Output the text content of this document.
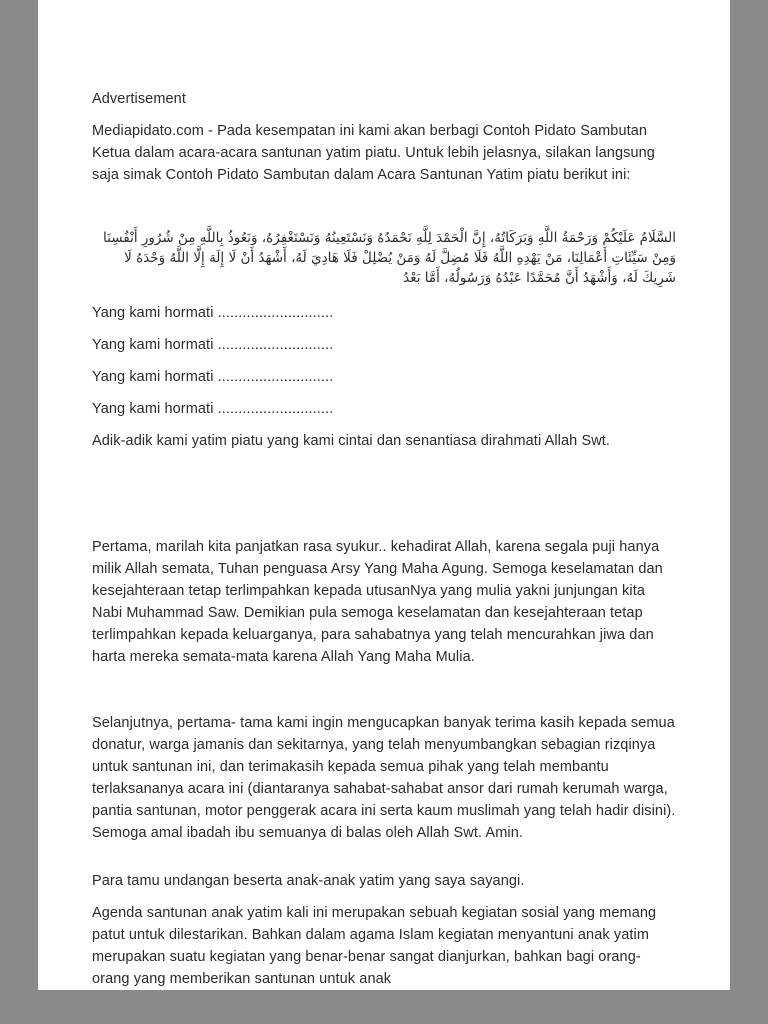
Advertisement

Mediapidato.com - Pada kesempatan ini kami akan berbagi Contoh Pidato Sambutan Ketua dalam acara-acara santunan yatim piatu. Untuk lebih jelasnya, silakan langsung saja simak Contoh Pidato Sambutan dalam Acara Santunan Yatim piatu berikut ini:

السَّلَامُ عَلَيْكُمْ وَرَحْمَةُ اللَّهِ وَبَرَكَاتُهُ، إِنَّ الْحَمْدَ لِلَّهِ نَحْمَدُهُ وَنَسْتَعِينُهُ وَنَسْتَغْفِرُهُ، وَنَعُوذُ بِاللَّهِ مِنْ شُرُورِ أَنْفُسِنَا وَمِنْ سَيِّئَاتِ أَعْمَالِنَا، مَنْ يَهْدِهِ اللَّهُ فَلَا مُضِلَّ لَهُ وَمَنْ يُضْلِلْ فَلَا هَادِيَ لَهُ، أَشْهَدُ أَنْ لَا إِلَهَ إِلَّا اللَّهُ وَحْدَهُ لَا شَرِيكَ لَهُ، وَأَشْهَدُ أَنَّ مُحَمَّدًا عَبْدُهُ وَرَسُولُهُ، أَمَّا بَعْدُ

Yang kami hormati ............................

Yang kami hormati ............................

Yang kami hormati ............................

Yang kami hormati ............................

Adik-adik kami yatim piatu yang kami cintai dan senantiasa dirahmati Allah Swt.

Pertama, marilah kita panjatkan rasa syukur.. kehadirat Allah, karena segala puji hanya milik Allah semata, Tuhan penguasa Arsy Yang Maha Agung. Semoga keselamatan dan kesejahteraan tetap terlimpahkan kepada utusanNya yang mulia yakni junjungan kita Nabi Muhammad Saw. Demikian pula semoga keselamatan dan kesejahteraan tetap terlimpahkan kepada keluarganya, para sahabatnya yang telah mencurahkan jiwa dan harta mereka semata-mata karena Allah Yang Maha Mulia.

Selanjutnya, pertama- tama kami ingin mengucapkan banyak terima kasih kepada semua donatur, warga jamanis dan sekitarnya, yang telah menyumbangkan sebagian rizqinya untuk santunan ini, dan terimakasih kepada semua pihak yang telah membantu terlaksananya acara ini (diantaranya sahabat-sahabat ansor dari rumah kerumah warga, pantia santunan, motor penggerak acara ini serta kaum muslimah yang telah hadir disini). Semoga amal ibadah ibu semuanya di balas oleh Allah Swt. Amin.

Para tamu undangan beserta anak-anak yatim yang saya sayangi.

Agenda santunan anak yatim kali ini merupakan sebuah kegiatan sosial yang memang patut untuk dilestarikan. Bahkan dalam agama Islam kegiatan menyantuni anak yatim merupakan suatu kegiatan yang benar-benar sangat dianjurkan, bahkan bagi orang-orang yang memberikan santunan untuk anak
